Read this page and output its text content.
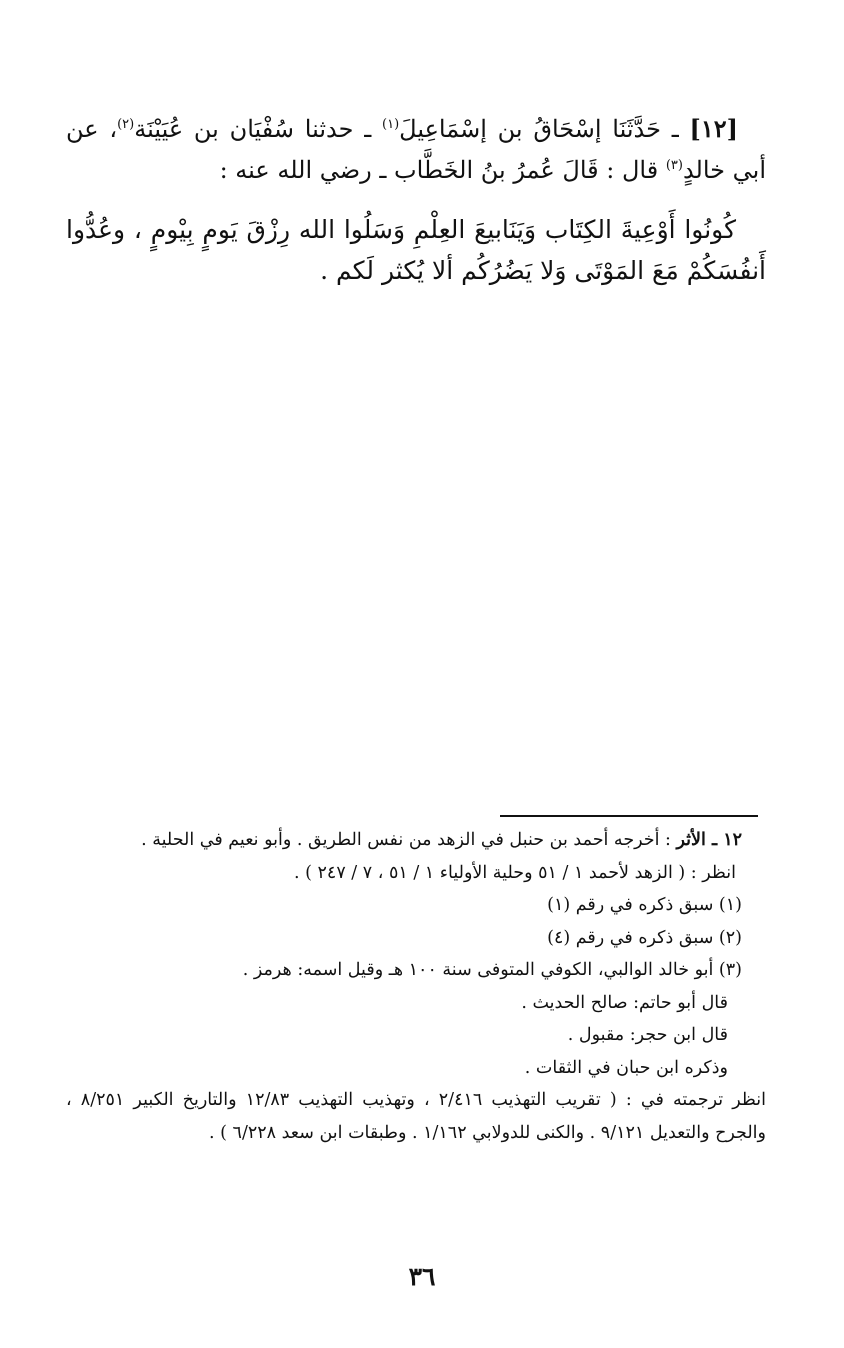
[١٢] ـ حَدَّثَنَا إسْحَاقُ بن إسْمَاعِيلَ$^{(١)}$ ـ حدثنا سُفْيَان بن عُيَيْنَة$^{(٢)}$، عن أبي خالدٍ$^{(٣)}$ قال : قَالَ عُمرُ بنُ الخَطَّاب ـ رضي الله عنه :

كُونُوا أَوْعِيةَ الكِتَاب وَيَنَابيعَ العِلْمِ وَسَلُوا الله رِزْقَ يَومٍ بِيْومٍ ، وعُدُّوا أَنفُسَكُمْ مَعَ المَوْتَى وَلا يَضُرُكُم ألا يُكثر لَكم .

١٢ ـ الأثر : أخرجه أحمد بن حنبل في الزهد من نفس الطريق . وأبو نعيم في الحلية .

انظر : ( الزهد لأحمد ١ / ٥١ وحلية الأولياء ١ / ٥١ ، ٧ / ٢٤٧ ) .

(١) سبق ذكره في رقم (١)

(٢) سبق ذكره في رقم (٤)

(٣) أبو خالد الوالبي، الكوفي المتوفى سنة ١٠٠ هـ وقيل اسمه: هرمز .

قال أبو حاتم: صالح الحديث .

قال ابن حجر: مقبول .

وذكره ابن حبان في الثقات .

انظر ترجمته في : ( تقريب التهذيب ٢/٤١٦ ، وتهذيب التهذيب ١٢/٨٣ والتاريخ الكبير ٨/٢٥١ ، والجرح والتعديل ٩/١٢١ . والكنى للدولابي ١/١٦٢ . وطبقات ابن سعد ٦/٢٢٨ ) .

٣٦
